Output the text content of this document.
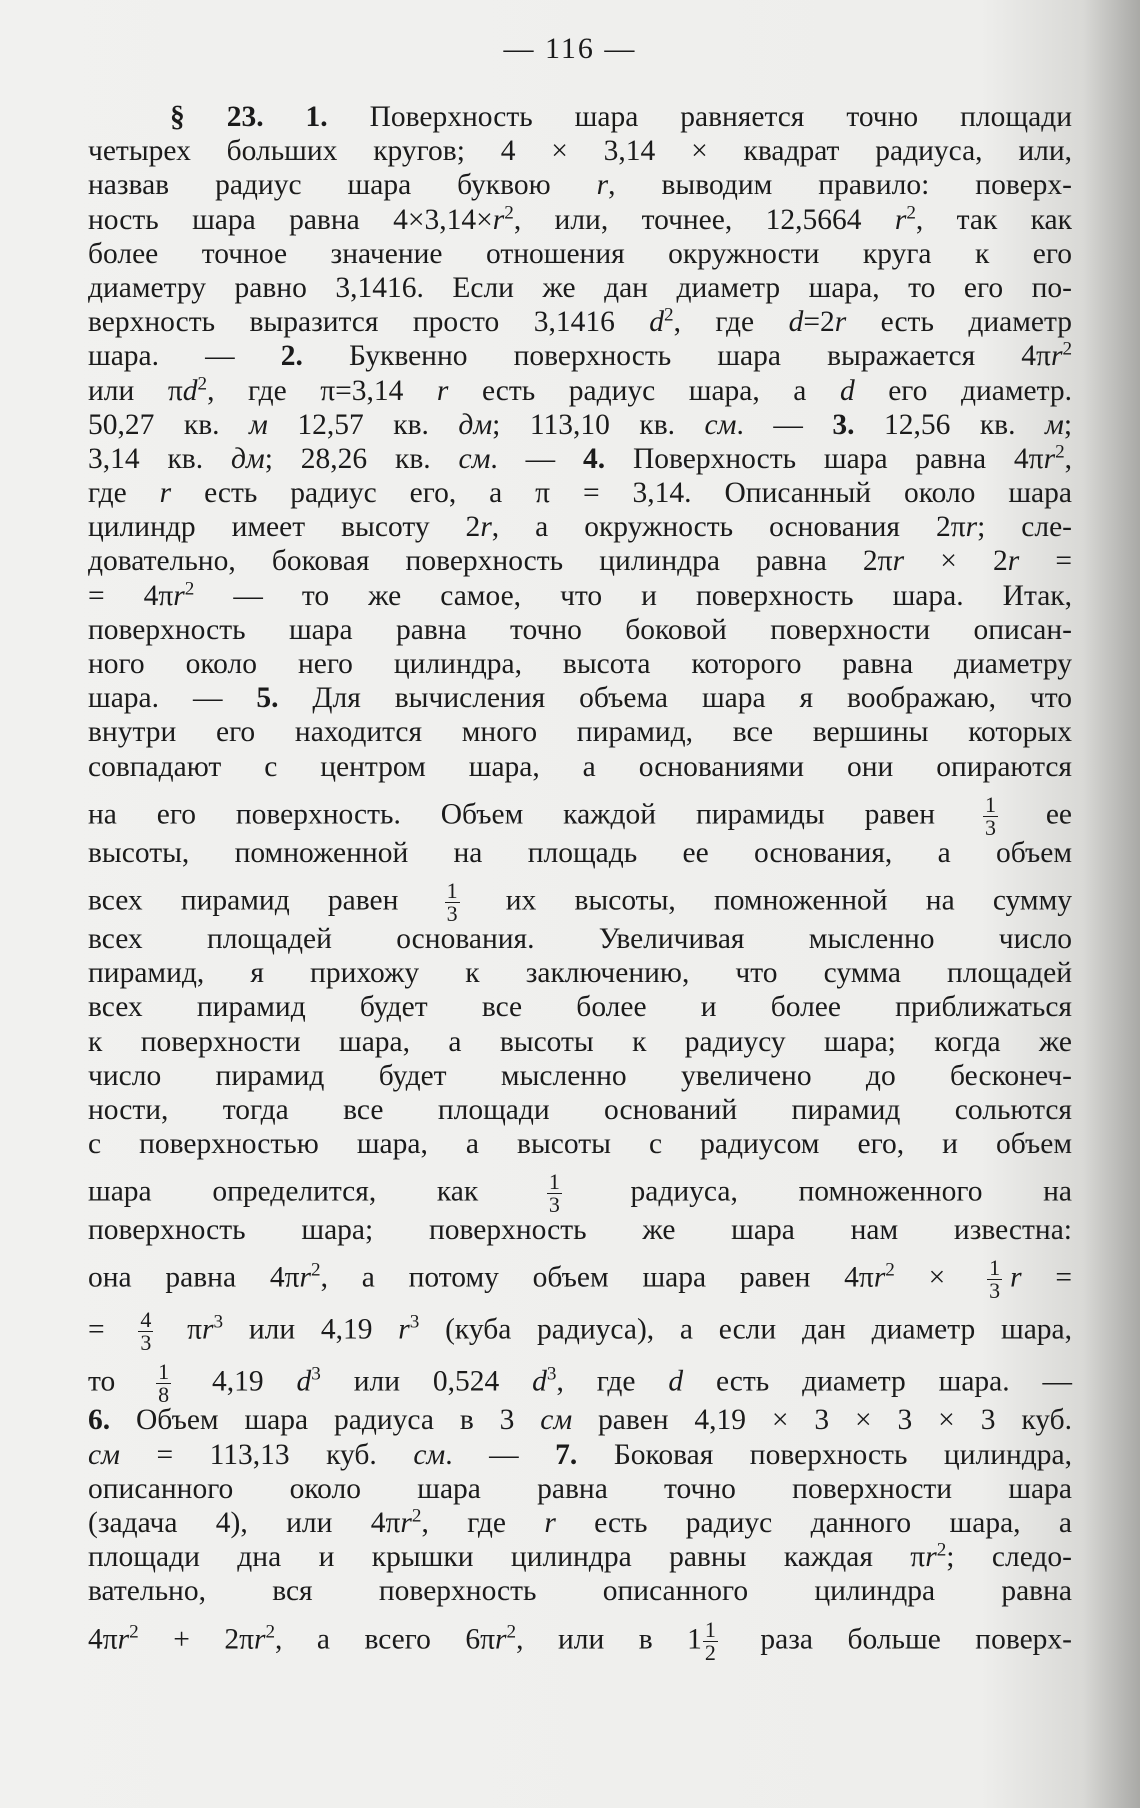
— 116 —
§ 23. 1. Поверхность шара равняется точно площади
четырех больших кругов; 4 × 3,14 × квадрат радиуса, или,
назвав радиус шара буквою r, выводим правило: поверх-
ность шара равна $4\times 3,14\times r^2$, или, точнее, 12,5664 $r^2$, так как
более точное значение отношения окружности круга к его
диаметру равно 3,1416. Если же дан диаметр шара, то его по-
верхность выразится просто 3,1416 $d^2$, где d=2r есть диаметр
шара. — 2. Буквенно поверхность шара выражается $4\pi r^2$
или $\pi d^2$, где π=3,14 r есть радиус шара, а d его диаметр.
50,27 кв. м 12,57 кв. дм; 113,10 кв. см. — 3. 12,56 кв. м;
3,14 кв. дм; 28,26 кв. см. — 4. Поверхность шара равна $4\pi r^2$,
где r есть радиус его, а π = 3,14. Описанный около шара
цилиндр имеет высоту 2r, а окружность основания 2πr; сле-
довательно, боковая поверхность цилиндра равна 2πr × 2r =
= $4\pi r^2$ — то же самое, что и поверхность шара. Итак,
поверхность шара равна точно боковой поверхности описан-
ного около него цилиндра, высота которого равна диаметру
шара. — 5. Для вычисления объема шара я воображаю, что
внутри его находится много пирамид, все вершины которых
совпадают с центром шара, а основаниями они опираются
на его поверхность. Объем каждой пирамиды равен $\frac{1}{3}$ ее
высоты, помноженной на площадь ее основания, а объем
всех пирамид равен $\frac{1}{3}$ их высоты, помноженной на сумму
всех площадей основания. Увеличивая мысленно число
пирамид, я прихожу к заключению, что сумма площадей
всех пирамид будет все более и более приближаться
к поверхности шара, а высоты к радиусу шара; когда же
число пирамид будет мысленно увеличено до бесконеч-
ности, тогда все площади оснований пирамид сольются
с поверхностью шара, а высоты с радиусом его, и объем
шара определится, как $\frac{1}{3}$ радиуса, помноженного на
поверхность шара; поверхность же шара нам известна:
она равна $4\pi r^2$, а потому объем шара равен $4\pi r^2 \times \frac{1}{3}$ r =
= $\frac{4}{3} \pi r^3$ или 4,19 $r^3$ (куба радиуса), а если дан диаметр шара,
то $\frac{1}{8} 4,19$ $d^3$ или 0,524 $d^3$, где d есть диаметр шара. —
6. Объем шара радиуса в 3 см равен 4,19 × 3 × 3 × 3 куб.
см = 113,13 куб. см. — 7. Боковая поверхность цилиндра,
описанного около шара равна точно поверхности шара
(задача 4), или $4\pi r^2$, где r есть радиус данного шара, а
площади дна и крышки цилиндра равны каждая $\pi r^2$; следо-
вательно, вся поверхность описанного цилиндра равна
$4\pi r^2 + 2\pi r^2$, а всего $6\pi r^2$, или в $1 \frac{1}{2}$ раза больше поверх-
